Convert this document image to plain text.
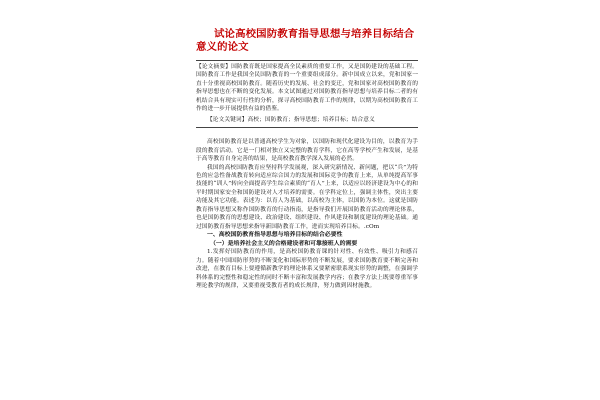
试论高校国防教育指导思想与培养目标结合意义的论文

【论文摘要】国防教育既是国家提高全民素质的重要工作，又是国防建设的基础工程。国防教育工作是我国全民国防教育的一个重要组成部分。新中国成立以来，党和国家一直十分重视高校国防教育。随着历史的发展、社会的变迁，党和国家对高校国防教育的指导思想也在不断的变化发展。本文试图通过对国防教育指导思想与培养目标二者的有机结合具有现实可行性的分析，探寻高校国防教育工作的规律，以期为高校国防教育工作的进一步开展提供有益的借鉴。

【论文关键词】高校；国防教育；指导思想；培养目标；结合意义

高校国防教育是以普通高校学生为对象，以国防和现代化建设为目的，以教育为手段的教育活动。它是一门相对独立又完整的教育学科，它在高等学校产生和发展，是基于高等教育自身完善的结果，是高校教育教学深入发展的必然。

我国的高校国防教育应坚持科学发展观，深入研究新情况、新问题，把以“兵”为特色的应急性备战教育转向适应综合国力的发展和国际竞争的教育上来，从单纯提高军事技能的“训人”转向全面提高学生综合素质的“育人”上来，以适应以经济建设为中心的和平时期国家安全和国防建设对人才培养的需要。在学科定位上，强调主体性，突出主要功能及其它功能。表述为：以育人为基础，以高校为主体，以国防为本位。这就是国防教育指导思想又称作国防教育的行动指南，是指导我们开展国防教育活动的理论体系，也是国防教育的思想建设、政治建设、组织建设、作风建设和制度建设的理论基础。通过国防教育指导思想来指导新国防教育工作，进而实现培养目标。.cOm

一、高校国防教育指导思想与培养目标的结合必要性

（一）是培养社会主义的合格建设者和可靠接班人的需要

1.发挥好国防教育的作用，是高校国防教育课的针对性、有效性、吸引力和感召力。随着中国国防形势的不断变化和国际形势的不断发展，要求国防教育要不断完善和改进，在教育目标上要遵循新教学的理论体系又要紧密联系现实形势的调整，在强调学科体系的完整性和稳定性的同时不断丰富和发展教学内容；在教学方法上既要尊重军事理论教学的规律，又要重视受教育者的成长规律，努力做到因材施教。
